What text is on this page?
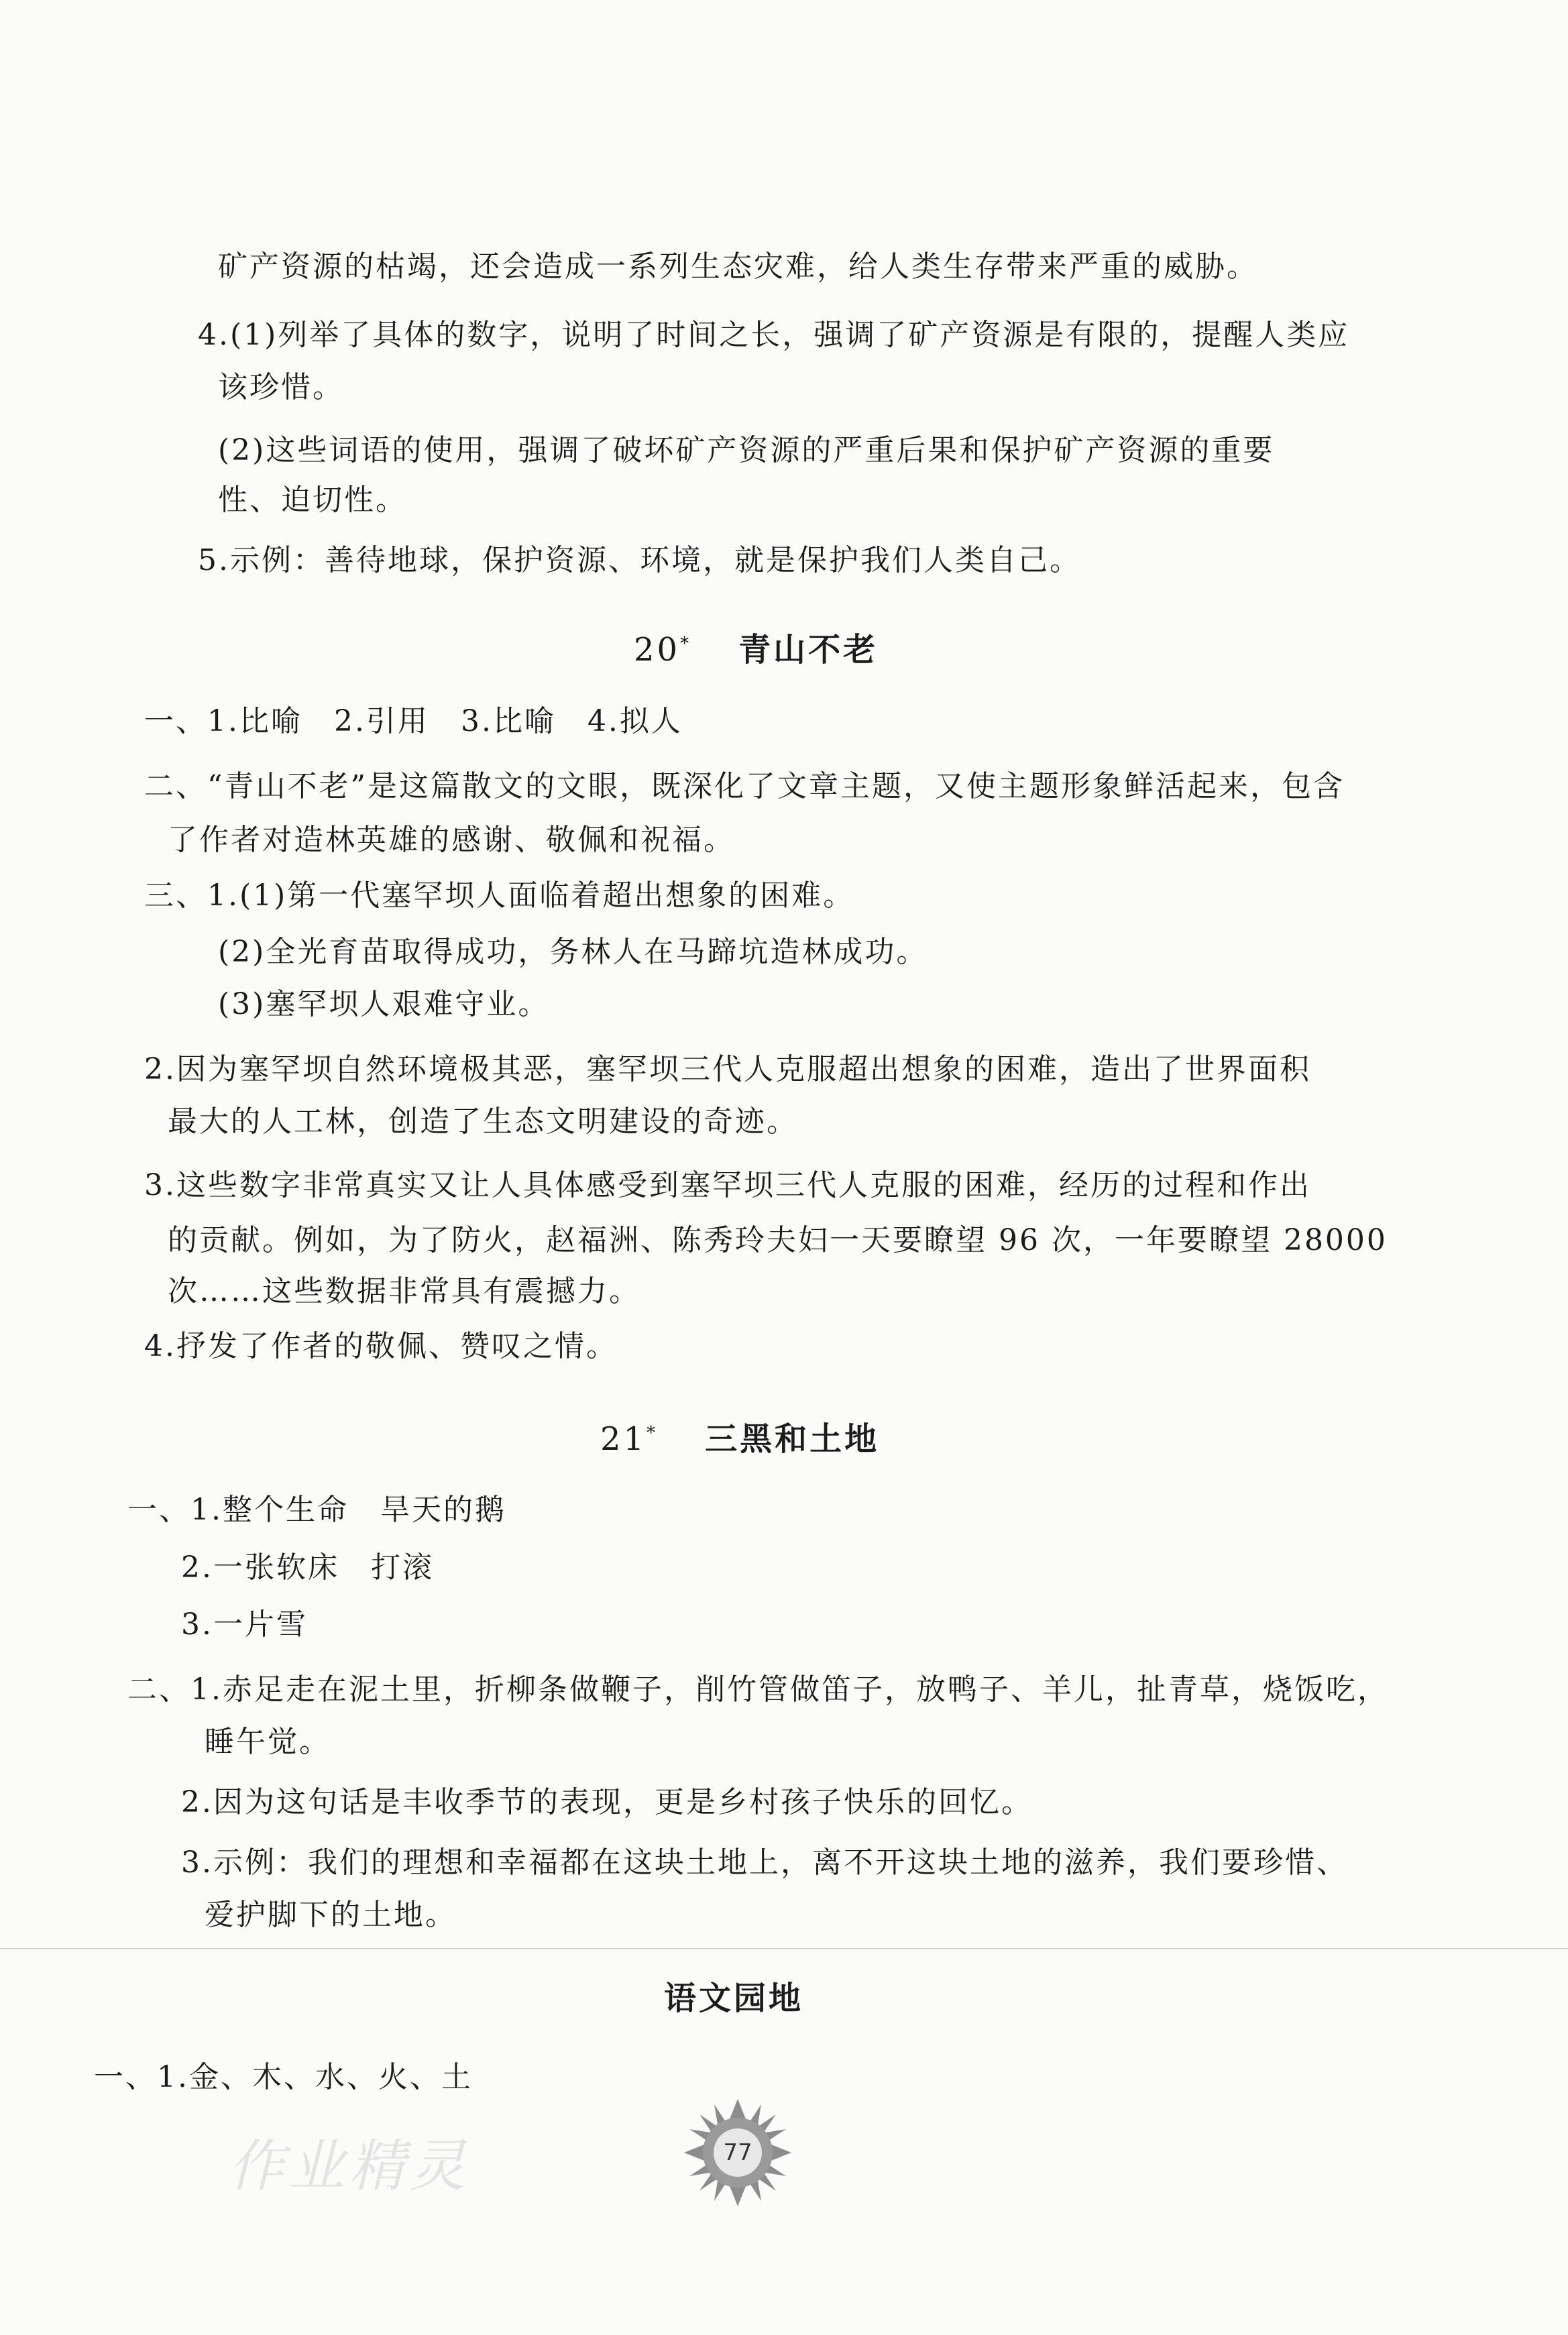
矿产资源的枯竭，还会造成一系列生态灾难，给人类生存带来严重的威胁。
4.(1)列举了具体的数字，说明了时间之长，强调了矿产资源是有限的，提醒人类应
该珍惜。
(2)这些词语的使用，强调了破坏矿产资源的严重后果和保护矿产资源的重要
性、迫切性。
5.示例：善待地球，保护资源、环境，就是保护我们人类自己。
20* 青山不老
一、1.比喻　2.引用　3.比喻　4.拟人
二、“青山不老”是这篇散文的文眼，既深化了文章主题，又使主题形象鲜活起来，包含
了作者对造林英雄的感谢、敬佩和祝福。
三、1.(1)第一代塞罕坝人面临着超出想象的困难。
(2)全光育苗取得成功，务林人在马蹄坑造林成功。
(3)塞罕坝人艰难守业。
2.因为塞罕坝自然环境极其恶，塞罕坝三代人克服超出想象的困难，造出了世界面积
最大的人工林，创造了生态文明建设的奇迹。
3.这些数字非常真实又让人具体感受到塞罕坝三代人克服的困难，经历的过程和作出
的贡献。例如，为了防火，赵福洲、陈秀玲夫妇一天要瞭望 96 次，一年要瞭望 28000
次……这些数据非常具有震撼力。
4.抒发了作者的敬佩、赞叹之情。
21* 三黑和土地
一、1.整个生命　旱天的鹅
2.一张软床　打滚
3.一片雪
二、1.赤足走在泥土里，折柳条做鞭子，削竹管做笛子，放鸭子、羊儿，扯青草，烧饭吃，
睡午觉。
2.因为这句话是丰收季节的表现，更是乡村孩子快乐的回忆。
3.示例：我们的理想和幸福都在这块土地上，离不开这块土地的滋养，我们要珍惜、
爱护脚下的土地。
语文园地
一、1.金、木、水、火、土
作业精灵	77
